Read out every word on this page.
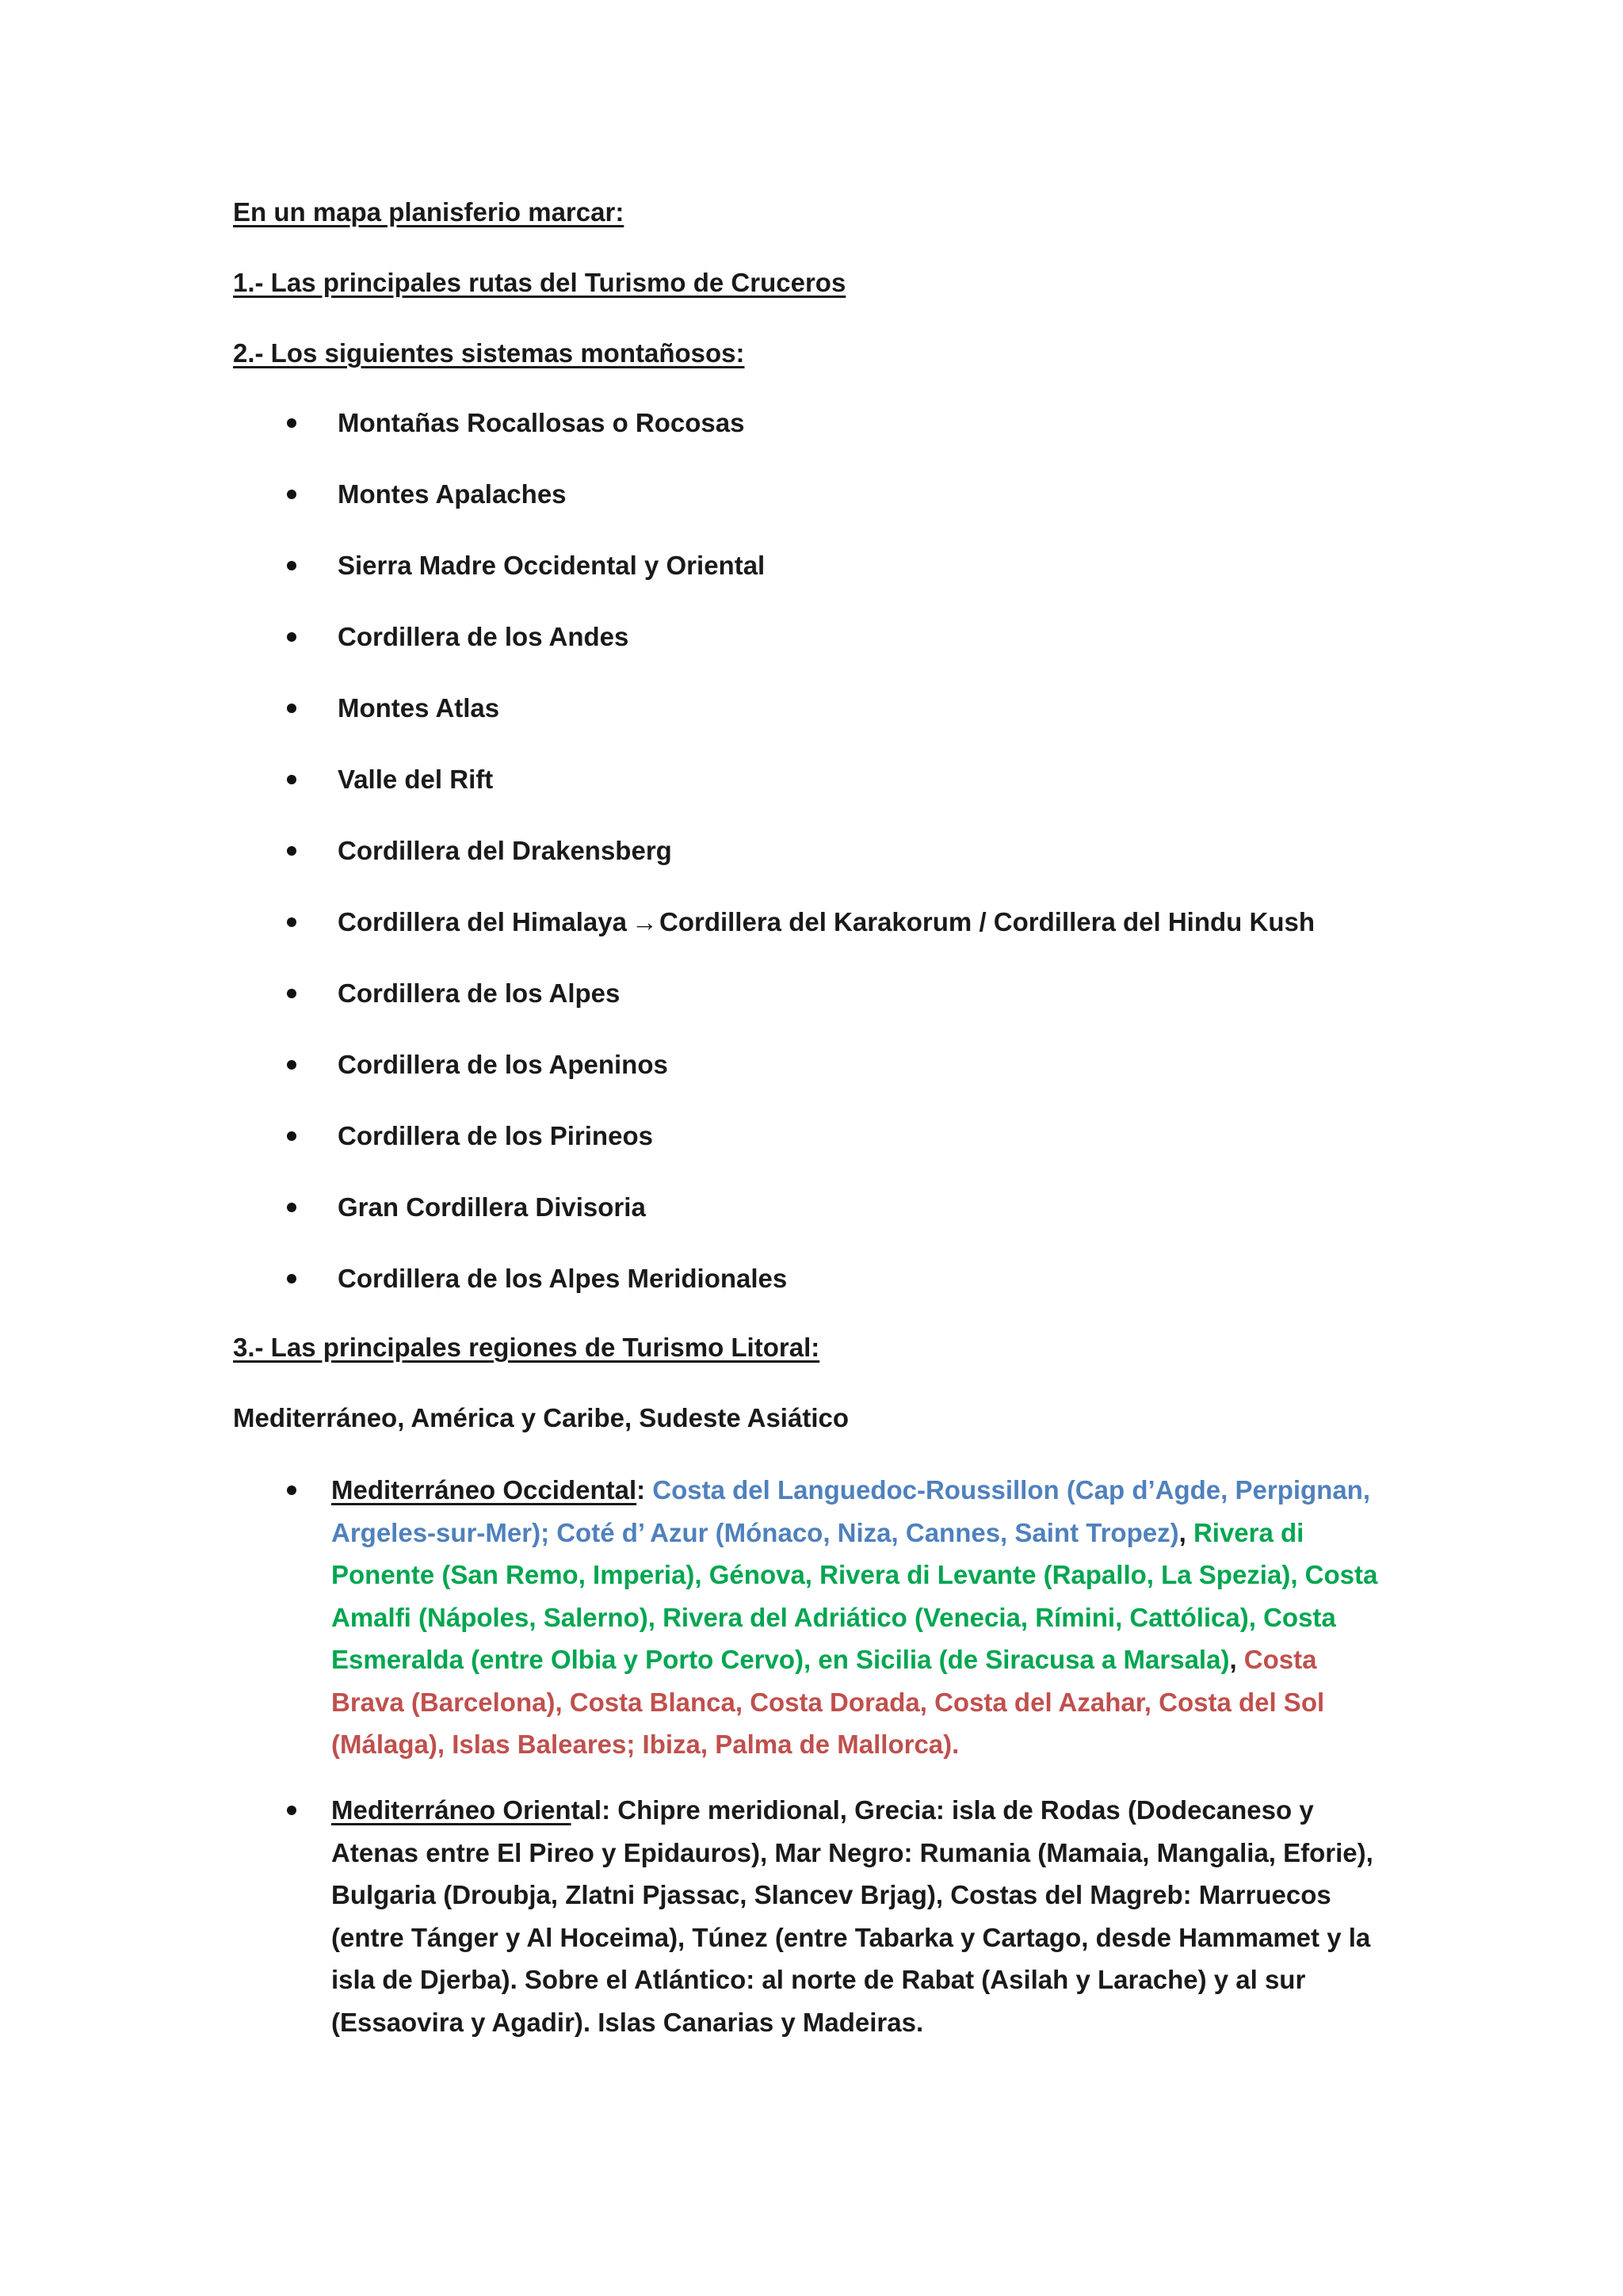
En un mapa planisferio marcar:
1.- Las principales rutas del Turismo de Cruceros
2.- Los siguientes sistemas montañosos:
Montañas Rocallosas o Rocosas
Montes Apalaches
Sierra Madre Occidental y Oriental
Cordillera de los Andes
Montes Atlas
Valle del Rift
Cordillera del Drakensberg
Cordillera del Himalaya →Cordillera del Karakorum / Cordillera del Hindu Kush
Cordillera de los Alpes
Cordillera de los Apeninos
Cordillera de los Pirineos
Gran Cordillera Divisoria
Cordillera de los Alpes Meridionales
3.- Las principales regiones de Turismo Litoral:
Mediterráneo, América y Caribe, Sudeste Asiático
Mediterráneo Occidental: Costa del Languedoc-Roussillon (Cap d’Agde, Perpignan, Argeles-sur-Mer); Coté d’ Azur (Mónaco, Niza, Cannes, Saint Tropez), Rivera di Ponente (San Remo, Imperia), Génova, Rivera di Levante (Rapallo, La Spezia), Costa Amalfi (Nápoles, Salerno), Rivera del Adriático (Venecia, Rímini, Cattólica), Costa Esmeralda (entre Olbia y Porto Cervo), en Sicilia (de Siracusa a Marsala), Costa Brava (Barcelona), Costa Blanca, Costa Dorada, Costa del Azahar, Costa del Sol (Málaga), Islas Baleares; Ibiza, Palma de Mallorca).
Mediterráneo Oriental: Chipre meridional, Grecia: isla de Rodas (Dodecaneso y Atenas entre El Pireo y Epidauros), Mar Negro: Rumania (Mamaia, Mangalia, Eforie), Bulgaria (Droubja, Zlatni Pjassac, Slancev Brjag), Costas del Magreb: Marruecos (entre Tánger y Al Hoceima), Túnez (entre Tabarka y Cartago, desde Hammamet y la isla de Djerba). Sobre el Atlántico: al norte de Rabat (Asilah y Larache) y al sur (Essaovira y Agadir). Islas Canarias y Madeiras.
